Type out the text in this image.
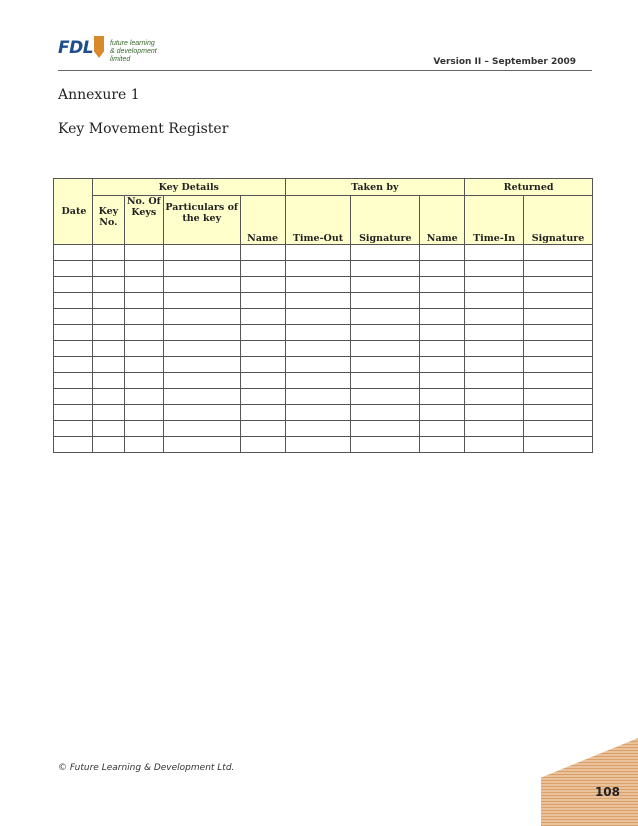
FDL future learning
& development limited	Version II – September 2009
Annexure 1
Key Movement Register
Date	Key Details				Taken by			Returned	
	Key No.	No. Of Keys	Particulars of the key	Name	Time-Out	Signature	Name	Time-In	Signature

© Future Learning & Development Ltd.
108
